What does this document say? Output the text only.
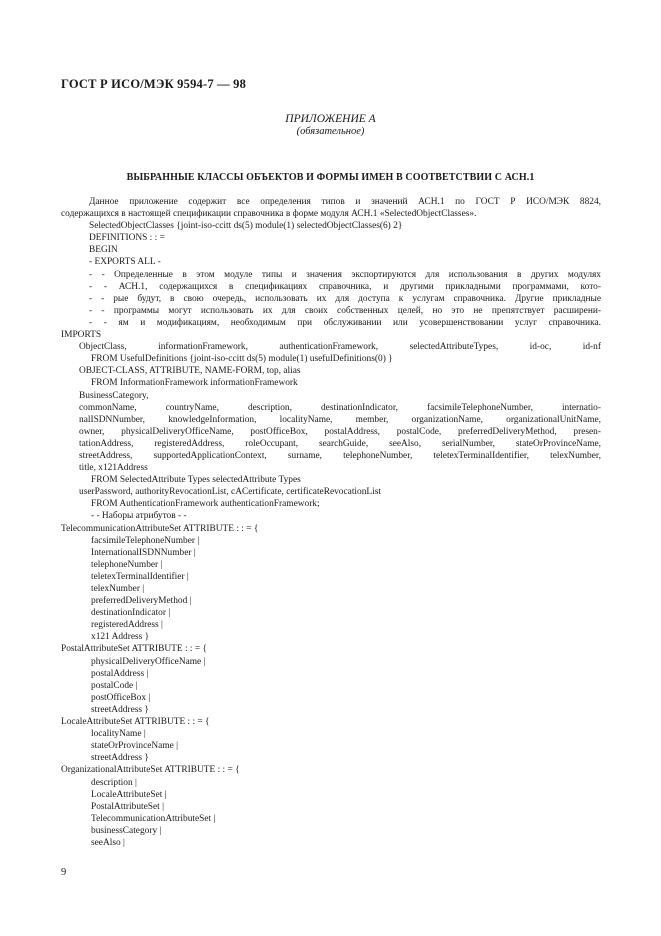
ГОСТ Р ИСО/МЭК 9594-7 — 98
ПРИЛОЖЕНИЕ А
(обязательное)
ВЫБРАННЫЕ КЛАССЫ ОБЪЕКТОВ И ФОРМЫ ИМЕН В СООТВЕТСТВИИ С АСН.1
Данное приложение содержит все определения типов и значений АСН.1 по ГОСТ Р ИСО/МЭК 8824,
содержащихся в настоящей спецификации справочника в форме модуля АСН.1 «SelectedObjectClasses».
SelectedObjectClasses {joint-iso-ccitt ds(5) module(1) selectedObjectClasses(6) 2}
DEFINITIONS : : =
BEGIN
- EXPORTS ALL -
- - Определенные в этом модуле типы и значения экспортируются для использования в других модулях
- - АСН.1, содержащихся в спецификациях справочника, и другими прикладными программами, кото-
- - рые будут, в свою очередь, использовать их для доступа к услугам справочника. Другие прикладные
- - программы могут использовать их для своих собственных целей, но это не препятствует расширени-
- - ям и модификациям, необходимым при обслуживании или усовершенствовании услуг справочника.
IMPORTS
ObjectClass, informationFramework, authenticationFramework, selectedAttributeTypes, id-oc, id-nf
FROM UsefulDefinitions {joint-iso-ccitt ds(5) module(1) usefulDefinitions(0) }
OBJECT-CLASS, ATTRIBUTE, NAME-FORM, top, alias
FROM InformationFramework informationFramework
BusinessCategory,
commonName, countryName, description, destinationIndicator, facsimileTelephoneNumber, internatio-
nalISDNNumber, knowledgeInformation, localityName, member, organizationName, organizationalUnitName,
owner, physicalDeliveryOfficeName, postOfficeBox, postalAddress, postalCode, preferredDeliveryMethod, presen-
tationAddress, registeredAddress, roleOccupant, searchGuide, seeAlso, serialNumber, stateOrProvinceName,
streetAddress, supportedApplicationContext, surname, telephoneNumber, teletexTerminalIdentifier, telexNumber,
title, x121Address
FROM SelectedAttribute Types selectedAttribute Types
userPassword, authorityRevocationList, cACertificate, certificateRevocationList
FROM AuthenticationFramework authenticationFramework;
- - Наборы атрибутов - -
TelecommunicationAttributeSet ATTRIBUTE : : = {
facsimileTelephoneNumber |
InternationalISDNNumber |
telephoneNumber |
teletexTerminalIdentifier |
telexNumber |
preferredDeliveryMethod |
destinationIndicator |
registeredAddress |
x121 Address }
PostalAttributeSet ATTRIBUTE : : = {
physicalDeliveryOfficeName |
postalAddress |
postalCode |
postOfficeBox |
streetAddress }
LocaleAttributeSet ATTRIBUTE : : = {
localityName |
stateOrProvinceName |
streetAddress }
OrganizationalAttributeSet ATTRIBUTE : : = {
description |
LocaleAttributeSet |
PostalAttributeSet |
TelecommunicationAttributeSet |
businessCategory |
seeAlso |
9
